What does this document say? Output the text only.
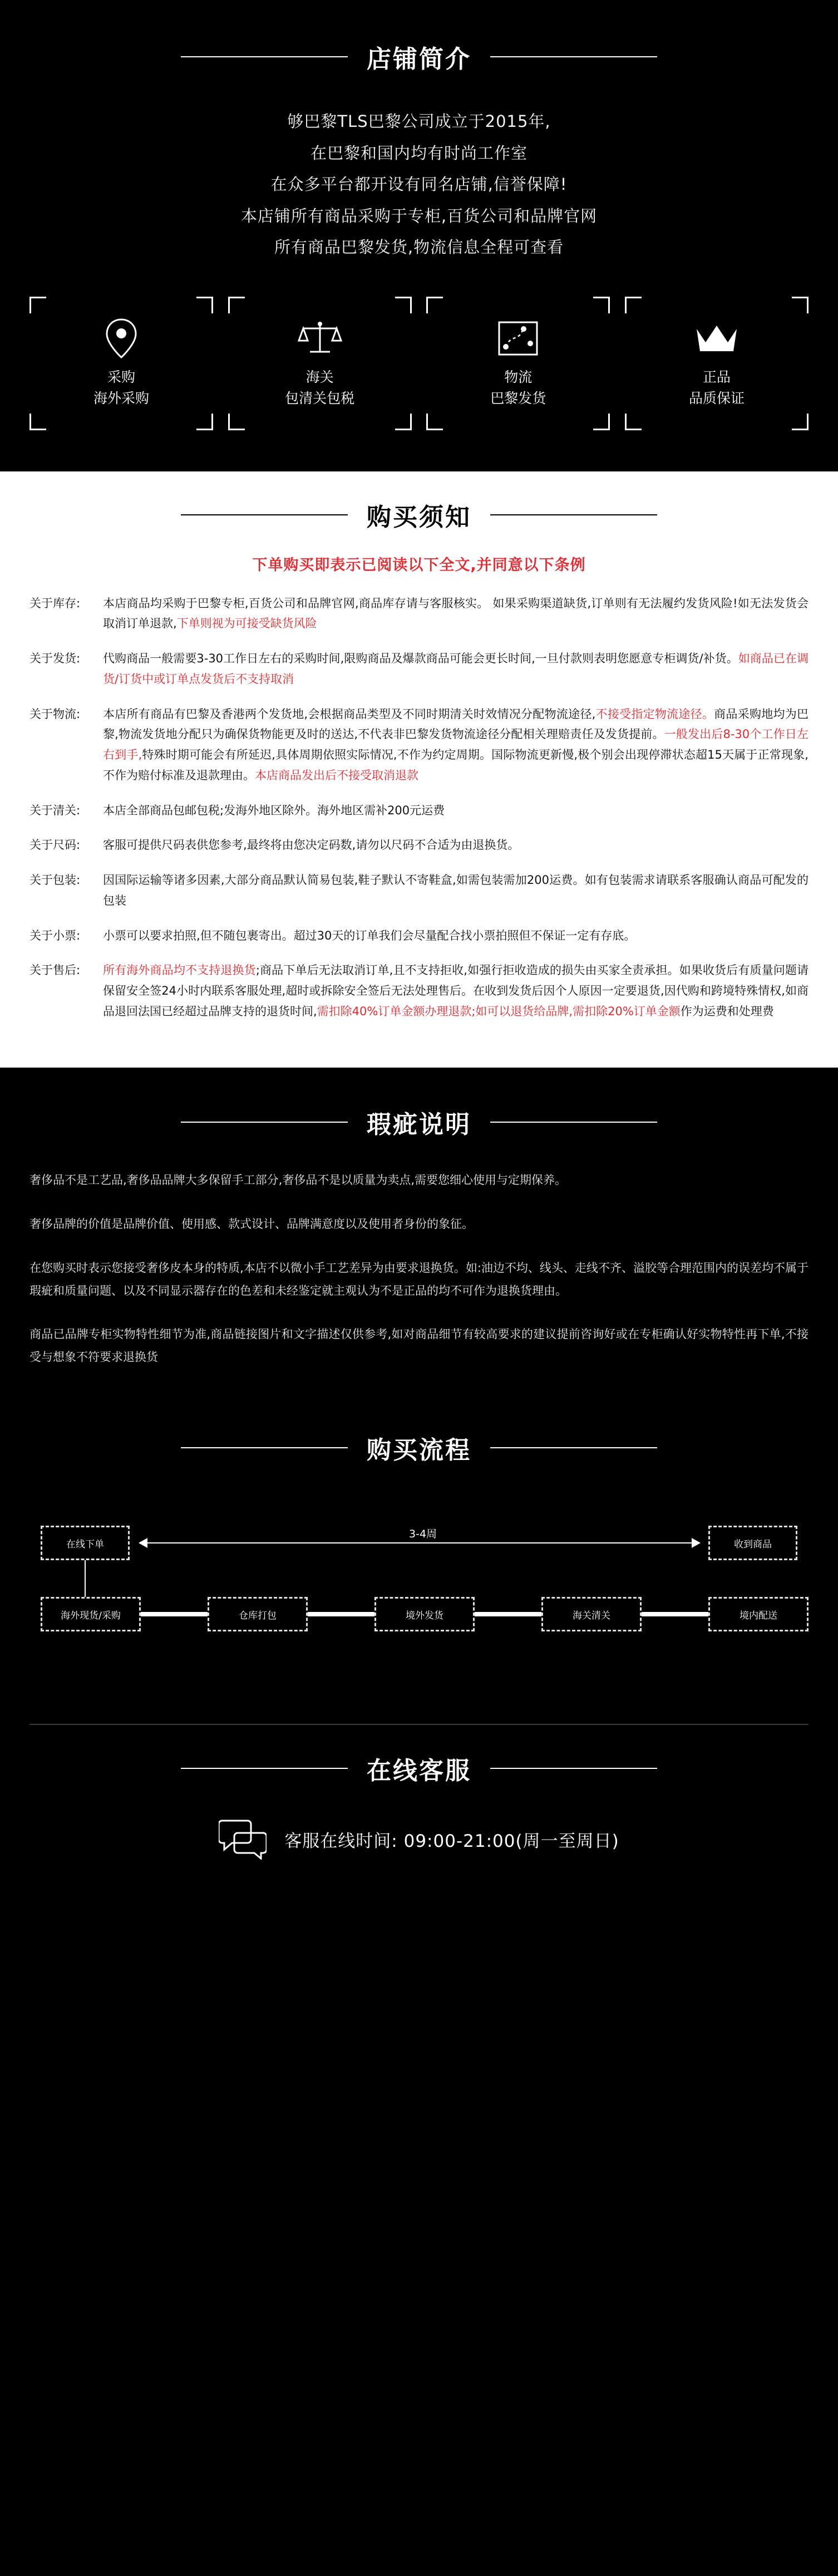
店铺简介
够巴黎TLS巴黎公司成立于2015年,
在巴黎和国内均有时尚工作室
在众多平台都开设有同名店铺,信誉保障!
本店铺所有商品采购于专柜,百货公司和品牌官网
所有商品巴黎发货,物流信息全程可查看
采购
海外采购
海关
包清关包税
物流
巴黎发货
正品
品质保证
购买须知
下单购买即表示已阅读以下全文,并同意以下条例
关于库存:	本店商品均采购于巴黎专柜,百货公司和品牌官网,商品库存请与客服核实。 如果采购渠道缺货,订单则有无法履约发货风险!如无法发货会取消订单退款,下单则视为可接受缺货风险
关于发货:	代购商品一般需要3-30工作日左右的采购时间,限购商品及爆款商品可能会更长时间,一旦付款则表明您愿意专柜调货/补货。如商品已在调货/订货中或订单点发货后不支持取消
关于物流:	本店所有商品有巴黎及香港两个发货地,会根据商品类型及不同时期清关时效情况分配物流途径,不接受指定物流途径。商品采购地均为巴黎,物流发货地分配只为确保货物能更及时的送达,不代表非巴黎发货物流途径分配相关理赔责任及发货提前。一般发出后8-30个工作日左右到手,特殊时期可能会有所延迟,具体周期依照实际情况,不作为约定周期。国际物流更新慢,极个别会出现停滞状态超15天属于正常现象,不作为赔付标准及退款理由。本店商品发出后不接受取消退款
关于清关:	本店全部商品包邮包税;发海外地区除外。海外地区需补200元运费
关于尺码:	客服可提供尺码表供您参考,最终将由您决定码数,请勿以尺码不合适为由退换货。
关于包装:	因国际运输等诸多因素,大部分商品默认简易包装,鞋子默认不寄鞋盒,如需包装需加200运费。如有包装需求请联系客服确认商品可配发的包装
关于小票:	小票可以要求拍照,但不随包裹寄出。超过30天的订单我们会尽量配合找小票拍照但不保证一定有存底。
关于售后:	所有海外商品均不支持退换货;商品下单后无法取消订单,且不支持拒收,如强行拒收造成的损失由买家全责承担。如果收货后有质量问题请保留安全签24小时内联系客服处理,超时或拆除安全签后无法处理售后。在收到发货后因个人原因一定要退货,因代购和跨境特殊情权,如商品退回法国已经超过品牌支持的退货时间,需扣除40%订单金额办理退款;如可以退货给品牌,需扣除20%订单金额作为运费和处理费
瑕疵说明

奢侈品不是工艺品,奢侈品品牌大多保留手工部分,奢侈品不是以质量为卖点,需要您细心使用与定期保养。

奢侈品牌的价值是品牌价值、使用感、款式设计、品牌满意度以及使用者身份的象征。

在您购买时表示您接受奢侈皮本身的特质,本店不以微小手工艺差异为由要求退换货。如:油边不均、线头、走线不齐、溢胶等合理范围内的误差均不属于瑕疵和质量问题、以及不同显示器存在的色差和未经鉴定就主观认为不是正品的均不可作为退换货理由。

商品已品牌专柜实物特性细节为准,商品链接图片和文字描述仅供参考,如对商品细节有较高要求的建议提前咨询好或在专柜确认好实物特性再下单,不接受与想象不符要求退换货

购买流程
在线下单	收到商品
3-4周
海外现货/采购	仓库打包	境外发货	海关清关	境内配送
在线客服
客服在线时间: 09:00-21:00(周一至周日)
